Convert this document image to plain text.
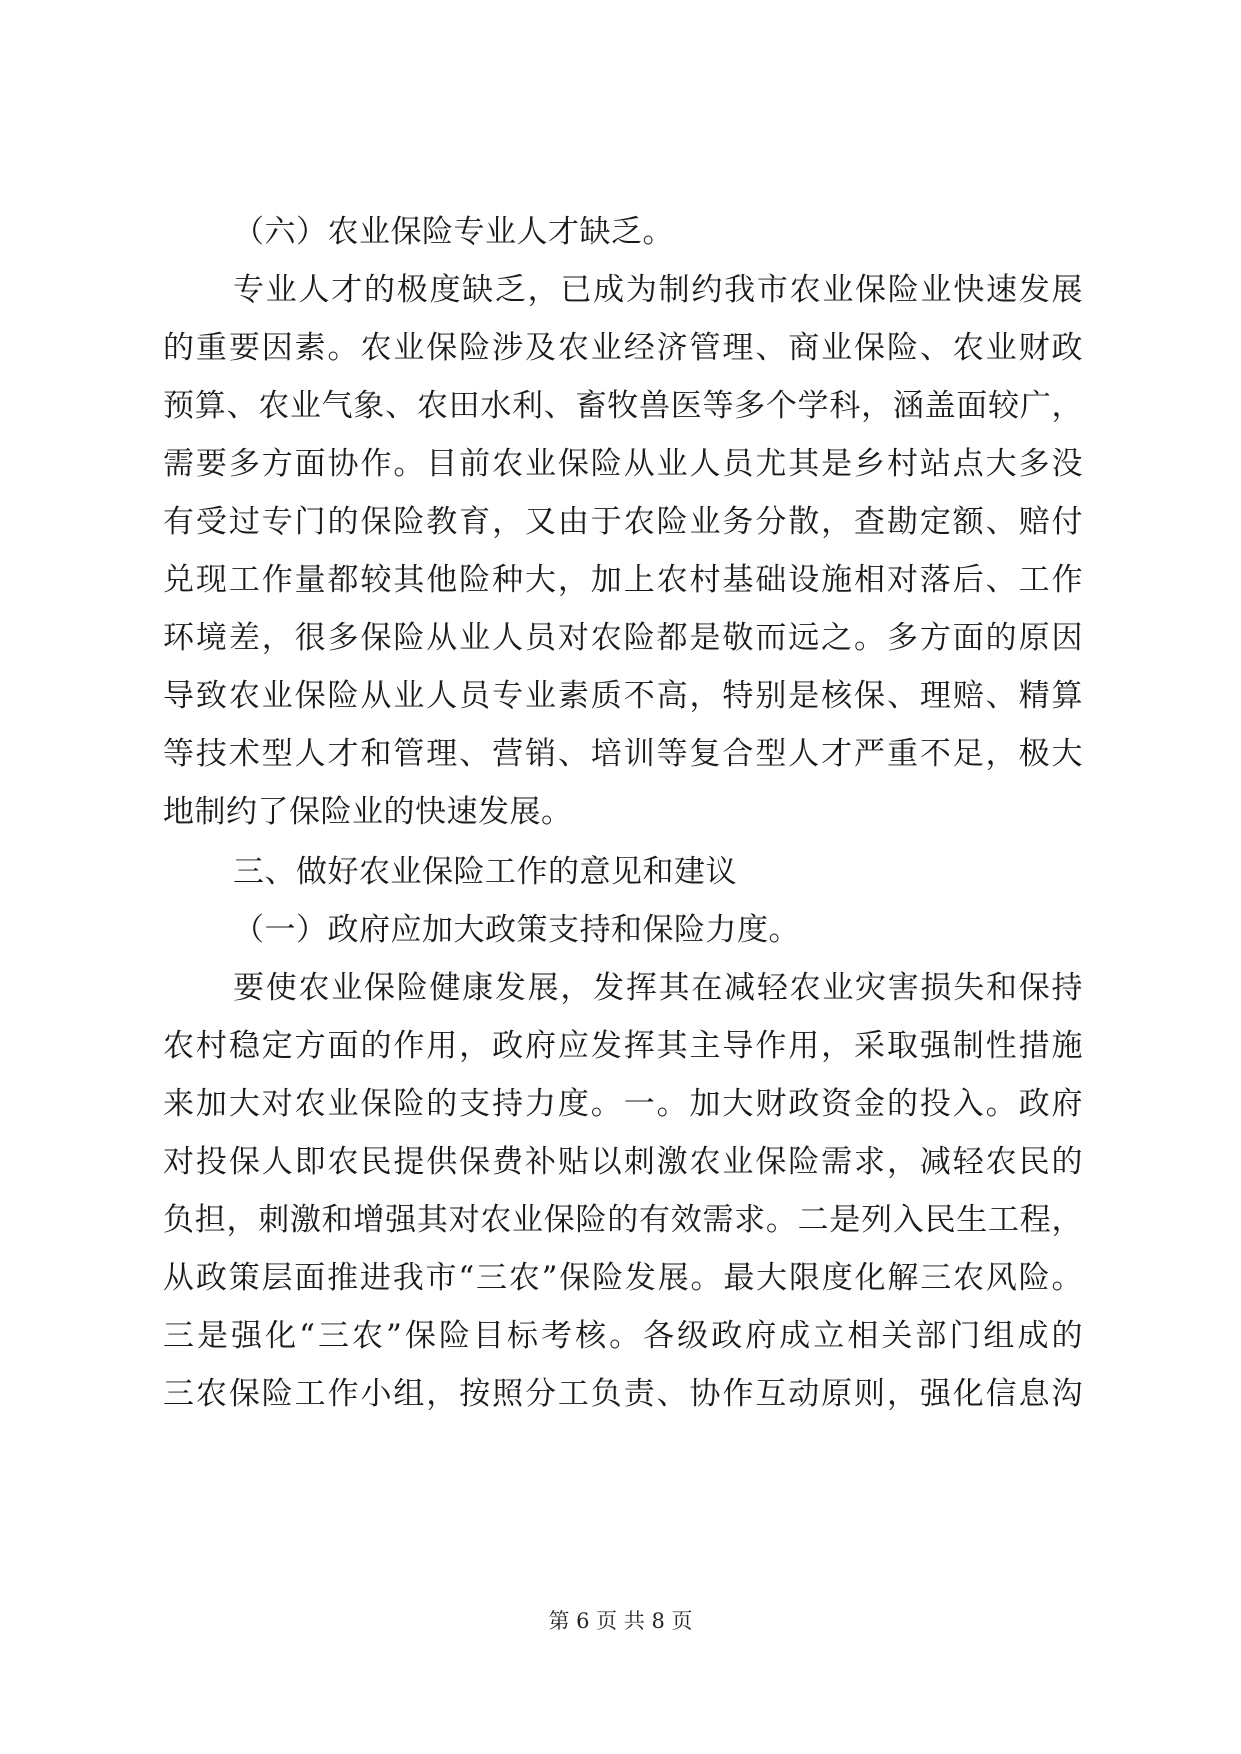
（六）农业保险专业人才缺乏。
专业人才的极度缺乏，已成为制约我市农业保险业快速发展
的重要因素。农业保险涉及农业经济管理、商业保险、农业财政
预算、农业气象、农田水利、畜牧兽医等多个学科，涵盖面较广，
需要多方面协作。目前农业保险从业人员尤其是乡村站点大多没
有受过专门的保险教育，又由于农险业务分散，查勘定额、赔付
兑现工作量都较其他险种大，加上农村基础设施相对落后、工作
环境差，很多保险从业人员对农险都是敬而远之。多方面的原因
导致农业保险从业人员专业素质不高，特别是核保、理赔、精算
等技术型人才和管理、营销、培训等复合型人才严重不足，极大
地制约了保险业的快速发展。
三、做好农业保险工作的意见和建议
（一）政府应加大政策支持和保险力度。
要使农业保险健康发展，发挥其在减轻农业灾害损失和保持
农村稳定方面的作用，政府应发挥其主导作用，采取强制性措施
来加大对农业保险的支持力度。一。加大财政资金的投入。政府
对投保人即农民提供保费补贴以刺激农业保险需求，减轻农民的
负担，刺激和增强其对农业保险的有效需求。二是列入民生工程，
从政策层面推进我市“三农”保险发展。最大限度化解三农风险。
三是强化“三农”保险目标考核。各级政府成立相关部门组成的
三农保险工作小组，按照分工负责、协作互动原则，强化信息沟
第 6 页 共 8 页
